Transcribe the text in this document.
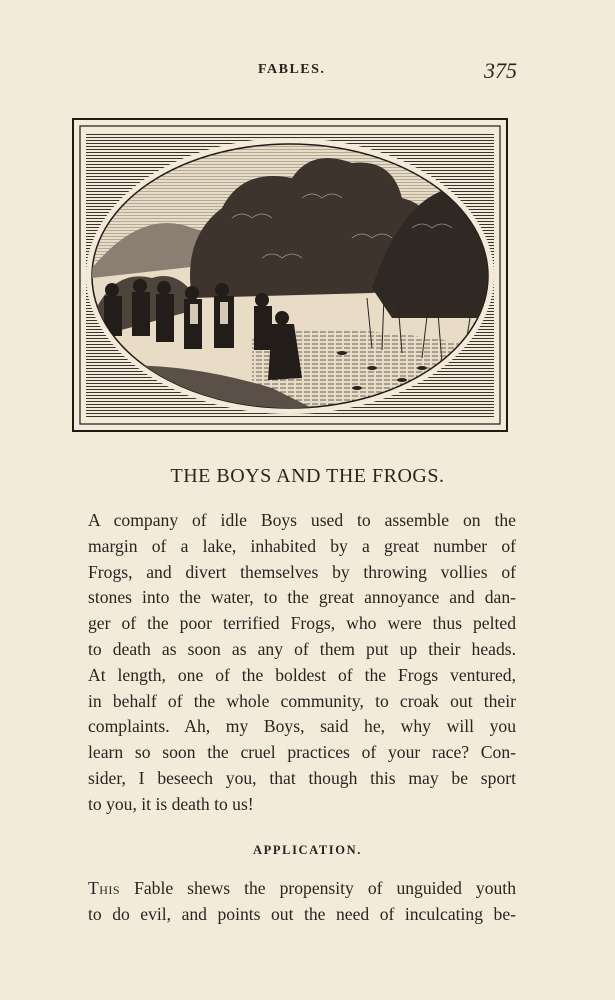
FABLES.	375
THE BOYS AND THE FROGS.
A company of idle Boys used to assemble on the
margin of a lake, inhabited by a great number of
Frogs, and divert themselves by throwing vollies of
stones into the water, to the great annoyance and dan-
ger of the poor terrified Frogs, who were thus pelted
to death as soon as any of them put up their heads.
At length, one of the boldest of the Frogs ventured,
in behalf of the whole community, to croak out their
complaints. Ah, my Boys, said he, why will you
learn so soon the cruel practices of your race? Con-
sider, I beseech you, that though this may be sport
to you, it is death to us!
APPLICATION.
This Fable shews the propensity of unguided youth
to do evil, and points out the need of inculcating be-
